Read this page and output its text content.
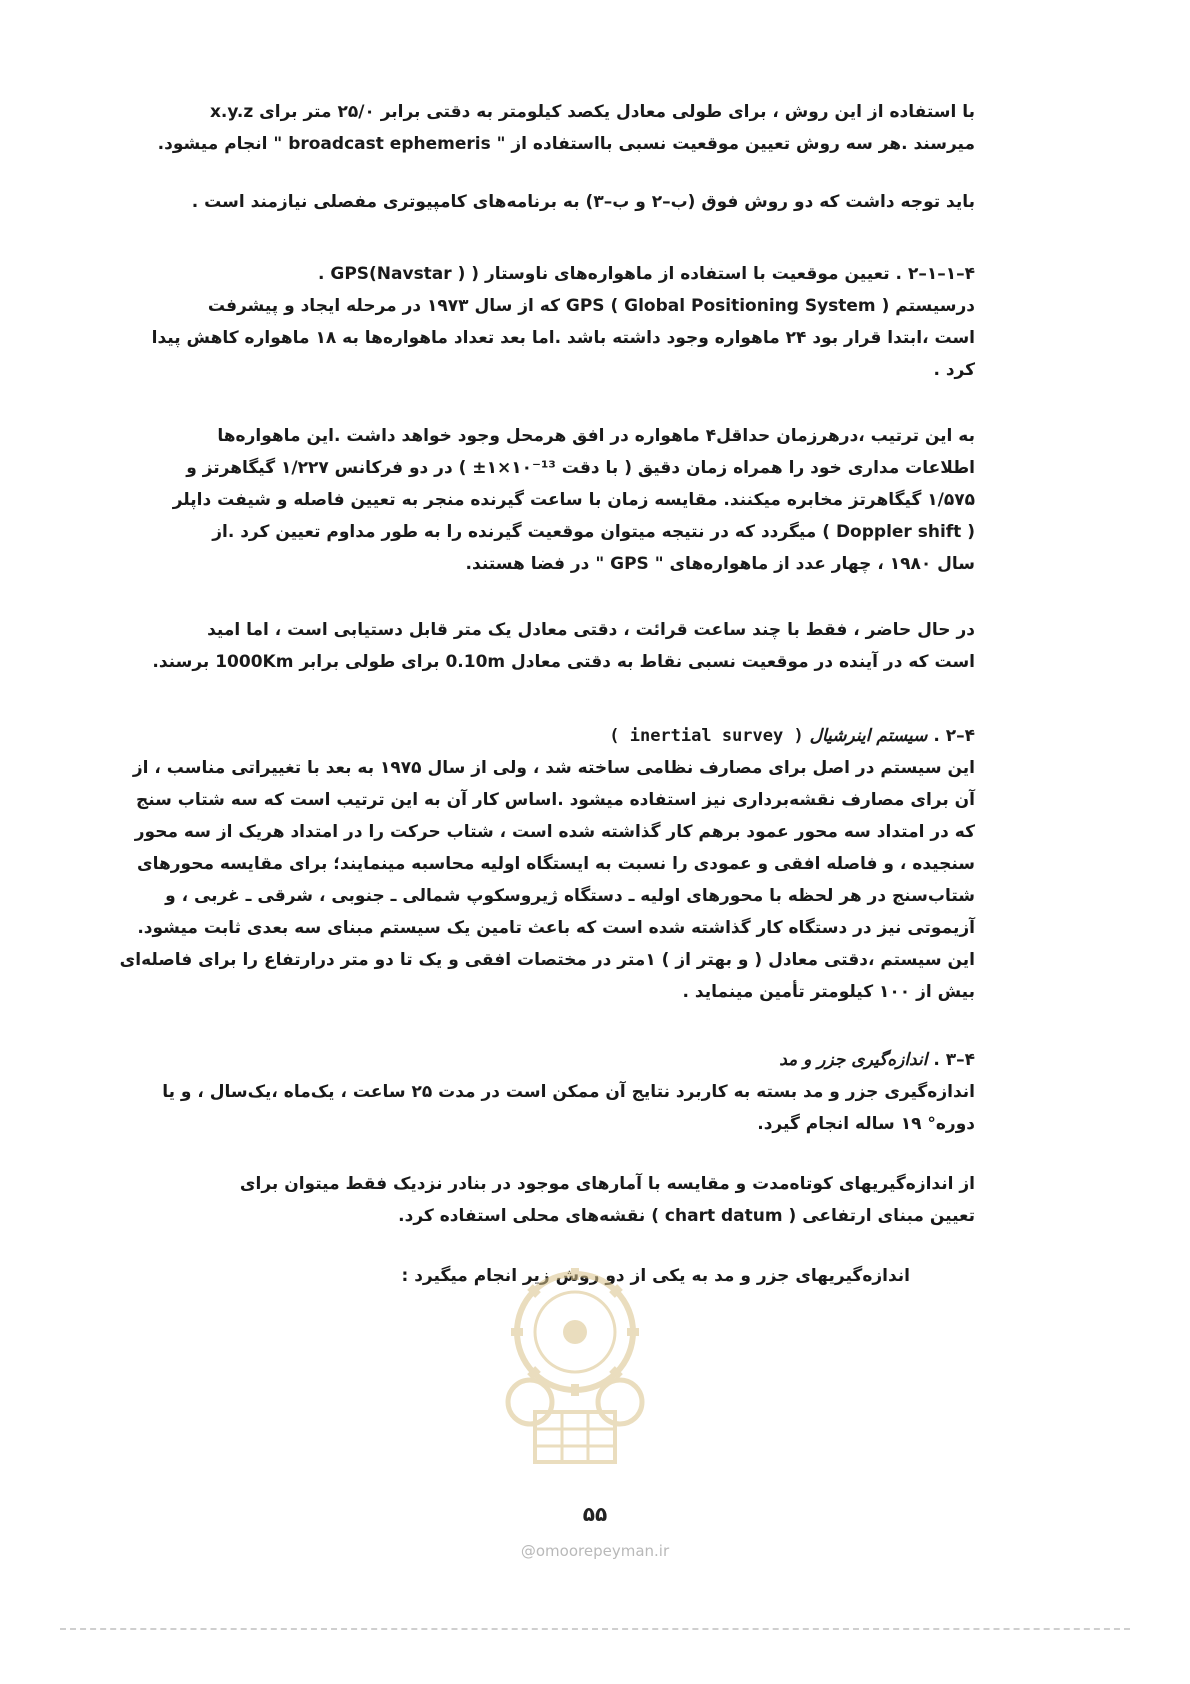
با استفاده از این روش ، برای طولی معادل یکصد کیلومتر به دقتی برابر ۲۵/۰ متر برای x.y.z
میرسند .هر سه روش تعیین موقعیت نسبی بااستفاده از " broadcast ephemeris " انجام میشود.
باید توجه داشت که دو روش فوق (ب–۲ و ب–۳) به برنامه‌های کامپیوتری مفصلی نیازمند است .
۴–۱–۱–۲ . تعیین موقعیت با استفاده از ماهواره‌های ناوستار ( GPS(Navstar ) .
درسیستم GPS ( Global Positioning System ) که از سال ۱۹۷۳ در مرحله ایجاد و پیشرفت
است ،ابتدا قرار بود ۲۴ ماهواره وجود داشته باشد .اما بعد تعداد ماهواره‌ها به ۱۸ ماهواره کاهش پیدا
کرد .
به این ترتیب ،درهرزمان حداقل۴ ماهواره در افق هرمحل وجود خواهد داشت .این ماهواره‌ها
اطلاعات مداری خود را همراه زمان دقیق ( با دقت ¹³⁻۱۰×۱± ) در دو فرکانس ۱/۲۲۷ گیگاهرتز و
۱/۵۷۵ گیگاهرتز مخابره میکنند. مقایسه زمان با ساعت گیرنده منجر به تعیین فاصله و شیفت داپلر
( Doppler shift ) میگردد که در نتیجه میتوان موقعیت گیرنده را به طور مداوم تعیین کرد .از
سال ۱۹۸۰ ، چهار عدد از ماهواره‌های " GPS " در فضا هستند.
در حال حاضر ، فقط با چند ساعت قرائت ، دقتی معادل یک متر قابل دستیابی است ، اما امید
است که در آینده در موقعیت نسبی نقاط به دقتی معادل 0.10m برای طولی برابر 1000Km برسند.
۴–۲ . سیستم اینرشیال ( inertial survey )
این سیستم در اصل برای مصارف نظامی ساخته شد ، ولی از سال ۱۹۷۵ به بعد با تغییراتی مناسب ، از
آن برای مصارف نقشه‌برداری نیز استفاده میشود .اساس کار آن به این ترتیب است که سه شتاب سنج
که در امتداد سه محور عمود برهم کار گذاشته شده است ، شتاب حرکت را در امتداد هریک از سه محور
سنجیده ، و فاصله افقی و عمودی را نسبت به ایستگاه اولیه محاسبه مینمایند؛ برای مقایسه محورهای
شتاب‌سنج در هر لحظه با محورهای اولیه ـ دستگاه ژیروسکوپ شمالی ـ جنوبی ، شرقی ـ غربی ، و
آزیموتی نیز در دستگاه کار گذاشته شده است که باعث تامین یک سیستم مبنای سه بعدی ثابت میشود.
این سیستم ،دقتی معادل ( و بهتر از ) ۱متر در مختصات افقی و یک تا دو متر درارتفاع را برای فاصله‌ای
بیش از ۱۰۰ کیلومتر تأمین مینماید .
۴–۳ . اندازه‌گیری جزر و مد
اندازه‌گیری جزر و مد بسته به کاربرد نتایج آن ممکن است در مدت ۲۵ ساعت ، یک‌ماه ،یک‌سال ، و یا
دوره° ۱۹ ساله انجام گیرد.
از اندازه‌گیریهای کوتاه‌مدت و مقایسه با آمارهای موجود در بنادر نزدیک فقط میتوان برای
تعیین مبنای ارتفاعی ( chart datum ) نقشه‌های محلی استفاده کرد.
اندازه‌گیریهای جزر و مد به یکی از دو روش زیر انجام میگیرد :
۵۵
@omoorepeyman.ir
